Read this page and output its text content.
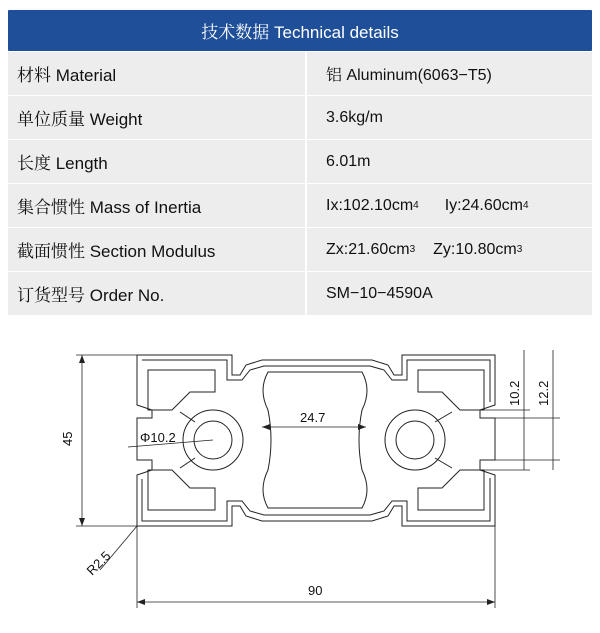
技术数据 Technical details
材料 Material	铝 Aluminum(6063−T5)
单位质量 Weight	3.6kg/m
长度 Length	6.01m
集合惯性 Mass of Inertia	Ix:102.10cm 4 Iy:24.60cm 4
截面惯性 Section Modulus	Zx:21.60cm 3 Zy:10.80cm 3
订货型号 Order No.	SM−10−4590A
45
90
24.7
Φ10.2
R2.5
10.2 12.2
